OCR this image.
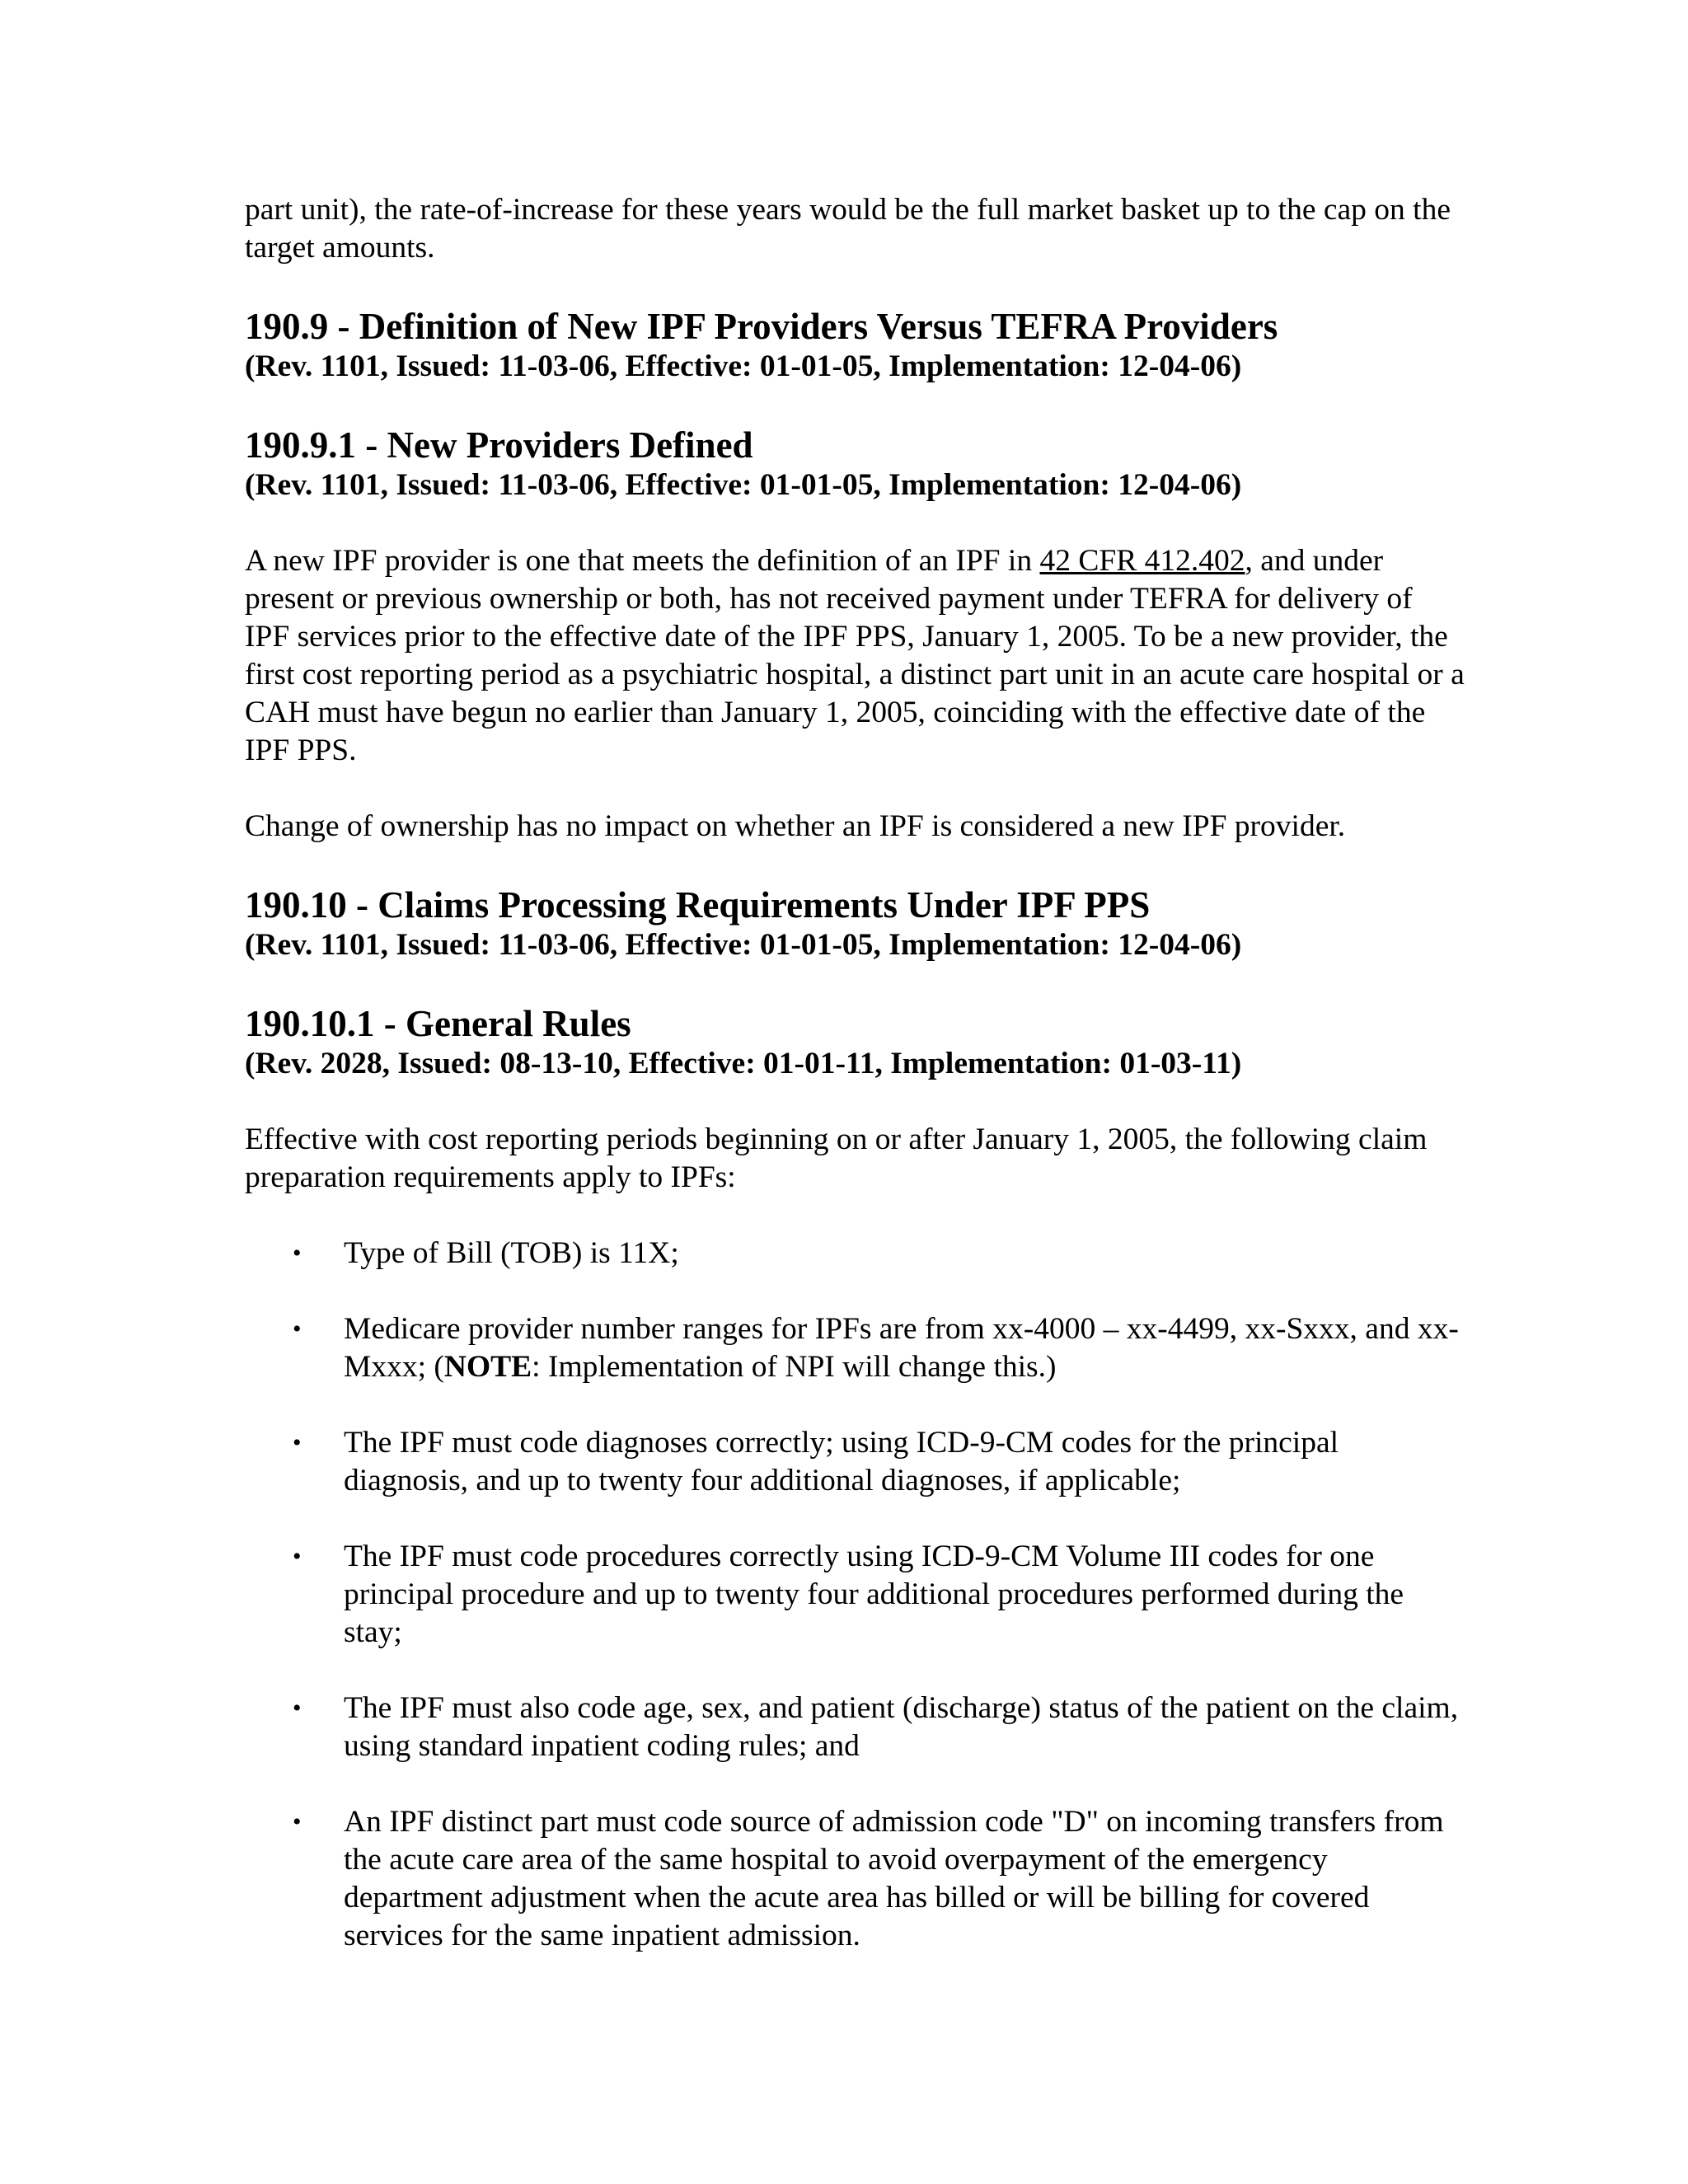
part unit), the rate-of-increase for these years would be the full market basket up to the cap on the target amounts.

190.9 - Definition of New IPF Providers Versus TEFRA Providers

(Rev. 1101, Issued: 11-03-06, Effective: 01-01-05, Implementation: 12-04-06)

190.9.1 - New Providers Defined

(Rev. 1101, Issued: 11-03-06, Effective: 01-01-05, Implementation: 12-04-06)

A new IPF provider is one that meets the definition of an IPF in 42 CFR 412.402, and under present or previous ownership or both, has not received payment under TEFRA for delivery of IPF services prior to the effective date of the IPF PPS, January 1, 2005. To be a new provider, the first cost reporting period as a psychiatric hospital, a distinct part unit in an acute care hospital or a CAH must have begun no earlier than January 1, 2005, coinciding with the effective date of the IPF PPS.

Change of ownership has no impact on whether an IPF is considered a new IPF provider.

190.10 - Claims Processing Requirements Under IPF PPS

(Rev. 1101, Issued: 11-03-06, Effective: 01-01-05, Implementation: 12-04-06)

190.10.1 - General Rules

(Rev. 2028, Issued: 08-13-10, Effective: 01-01-11, Implementation: 01-03-11)

Effective with cost reporting periods beginning on or after January 1, 2005, the following claim preparation requirements apply to IPFs:

• Type of Bill (TOB) is 11X;
• Medicare provider number ranges for IPFs are from xx-4000 – xx-4499, xx-Sxxx, and xx-Mxxx; (NOTE: Implementation of NPI will change this.)
• The IPF must code diagnoses correctly; using ICD-9-CM codes for the principal diagnosis, and up to twenty four additional diagnoses, if applicable;
• The IPF must code procedures correctly using ICD-9-CM Volume III codes for one principal procedure and up to twenty four additional procedures performed during the stay;
• The IPF must also code age, sex, and patient (discharge) status of the patient on the claim, using standard inpatient coding rules; and
• An IPF distinct part must code source of admission code "D" on incoming transfers from the acute care area of the same hospital to avoid overpayment of the emergency department adjustment when the acute area has billed or will be billing for covered services for the same inpatient admission.
